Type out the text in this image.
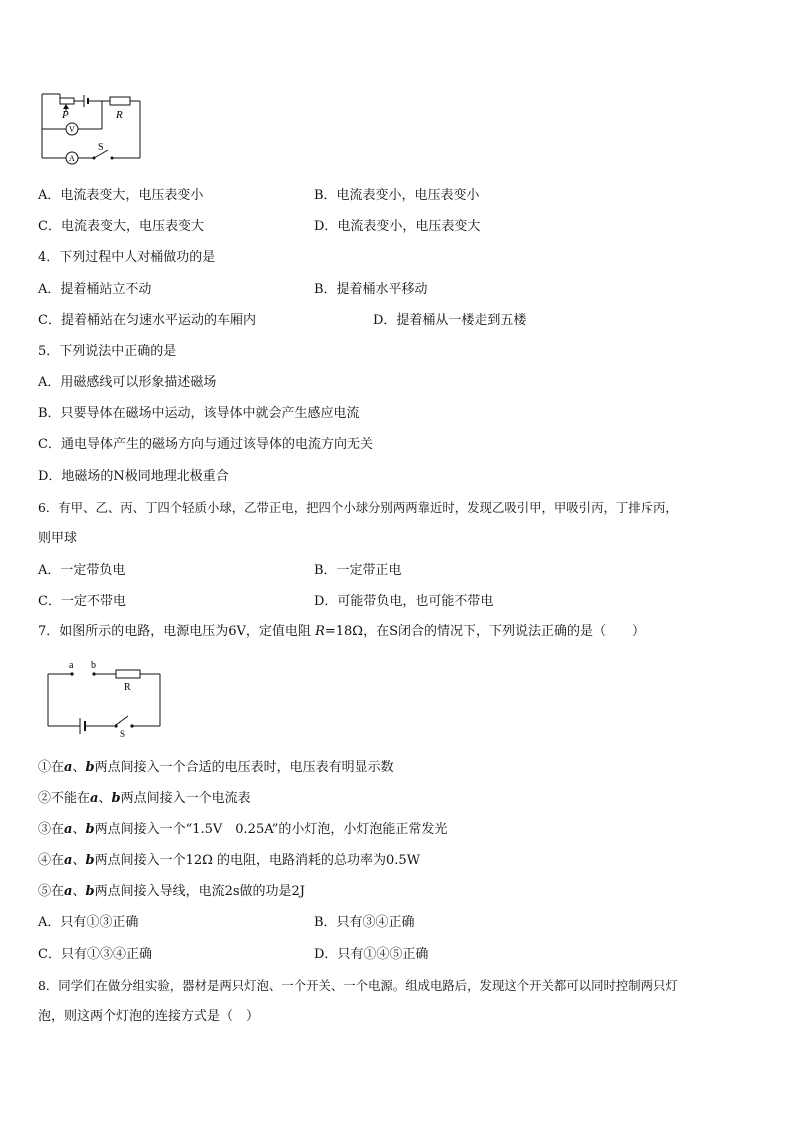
P	R
V
A
S
A．电流表变大，电压表变小	B．电流表变小，电压表变小
C．电流表变大，电压表变大	D．电流表变小，电压表变大
4．下列过程中人对桶做功的是
A．提着桶站立不动	B．提着桶水平移动
C．提着桶站在匀速水平运动的车厢内	D．提着桶从一楼走到五楼
5．下列说法中正确的是
A．用磁感线可以形象描述磁场
B．只要导体在磁场中运动，该导体中就会产生感应电流
C．通电导体产生的磁场方向与通过该导体的电流方向无关
D．地磁场的N极同地理北极重合
6．有甲、乙、丙、丁四个轻质小球，乙带正电，把四个小球分别两两靠近时，发现乙吸引甲，甲吸引丙，丁排斥丙，
则甲球
A．一定带负电	B．一定带正电
C．一定不带电	D．可能带负电，也可能不带电
7．如图所示的电路，电源电压为6V，定值电阻 R=18Ω，在S闭合的情况下，下列说法正确的是（　　）
a b
R
S
①在a、b两点间接入一个合适的电压表时，电压表有明显示数
②不能在a、b两点间接入一个电流表
③在a、b两点间接入一个“1.5V　0.25A”的小灯泡，小灯泡能正常发光
④在a、b两点间接入一个12Ω 的电阻，电路消耗的总功率为0.5W
⑤在a、b两点间接入导线，电流2s做的功是2J
A．只有①③正确	B．只有③④正确
C．只有①③④正确	D．只有①④⑤正确
8．同学们在做分组实验，器材是两只灯泡、一个开关、一个电源。组成电路后，发现这个开关都可以同时控制两只灯
泡，则这两个灯泡的连接方式是（　）
